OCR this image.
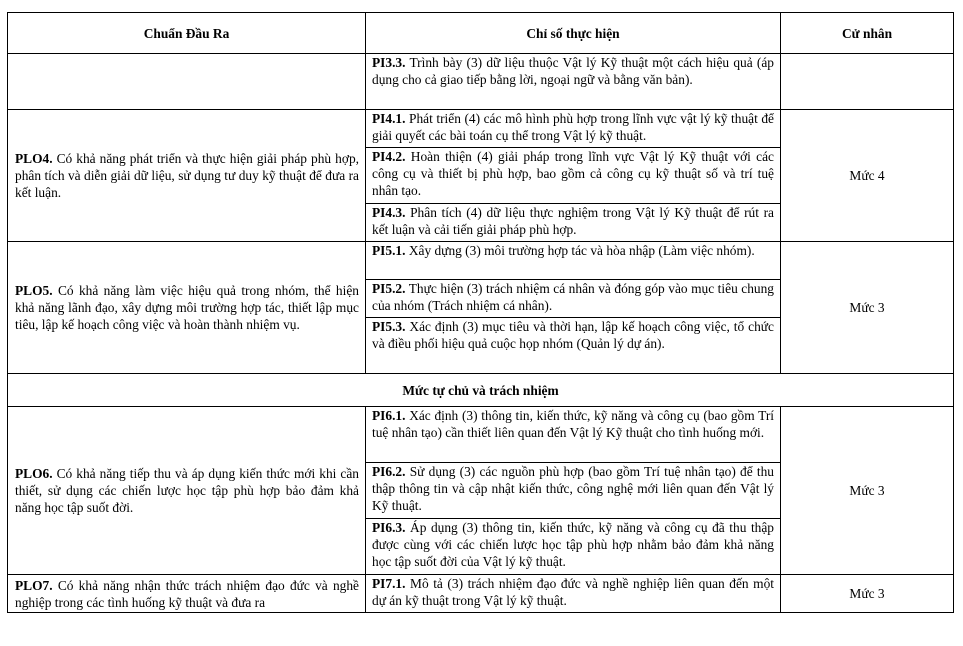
Chuẩn Đầu Ra	Chỉ số thực hiện	Cử nhân
	PI3.3. Trình bày (3) dữ liệu thuộc Vật lý Kỹ thuật một cách hiệu quả (áp dụng cho cả giao tiếp bằng lời, ngoại ngữ và bằng văn bản).	
PLO4. Có khả năng phát triển và thực hiện giải pháp phù hợp, phân tích và diễn giải dữ liệu, sử dụng tư duy kỹ thuật để đưa ra kết luận.	PI4.1. Phát triển (4) các mô hình phù hợp trong lĩnh vực vật lý kỹ thuật để giải quyết các bài toán cụ thể trong Vật lý kỹ thuật.	Mức 4
	PI4.2. Hoàn thiện (4) giải pháp trong lĩnh vực Vật lý Kỹ thuật với các công cụ và thiết bị phù hợp, bao gồm cả công cụ kỹ thuật số và trí tuệ nhân tạo.	
	PI4.3. Phân tích (4) dữ liệu thực nghiệm trong Vật lý Kỹ thuật để rút ra kết luận và cải tiến giải pháp phù hợp.	
PLO5. Có khả năng làm việc hiệu quả trong nhóm, thể hiện khả năng lãnh đạo, xây dựng môi trường hợp tác, thiết lập mục tiêu, lập kế hoạch công việc và hoàn thành nhiệm vụ.	PI5.1. Xây dựng (3) môi trường hợp tác và hòa nhập (Làm việc nhóm).	Mức 3
	PI5.2. Thực hiện (3) trách nhiệm cá nhân và đóng góp vào mục tiêu chung của nhóm (Trách nhiệm cá nhân).	
	PI5.3. Xác định (3) mục tiêu và thời hạn, lập kế hoạch công việc, tổ chức và điều phối hiệu quả cuộc họp nhóm (Quản lý dự án).	
Mức tự chủ và trách nhiệm		
PLO6. Có khả năng tiếp thu và áp dụng kiến thức mới khi cần thiết, sử dụng các chiến lược học tập phù hợp bảo đảm khả năng học tập suốt đời.	PI6.1. Xác định (3) thông tin, kiến thức, kỹ năng và công cụ (bao gồm Trí tuệ nhân tạo) cần thiết liên quan đến Vật lý Kỹ thuật cho tình huống mới.	Mức 3
	PI6.2. Sử dụng (3) các nguồn phù hợp (bao gồm Trí tuệ nhân tạo) để thu thập thông tin và cập nhật kiến thức, công nghệ mới liên quan đến Vật lý Kỹ thuật.	
	PI6.3. Áp dụng (3) thông tin, kiến thức, kỹ năng và công cụ đã thu thập được cùng với các chiến lược học tập phù hợp nhằm bảo đảm khả năng học tập suốt đời của Vật lý kỹ thuật.	
PLO7. Có khả năng nhận thức trách nhiệm đạo đức và nghề nghiệp trong các tình huống kỹ thuật và đưa ra	PI7.1. Mô tả (3) trách nhiệm đạo đức và nghề nghiệp liên quan đến một dự án kỹ thuật trong Vật lý kỹ thuật.	Mức 3
